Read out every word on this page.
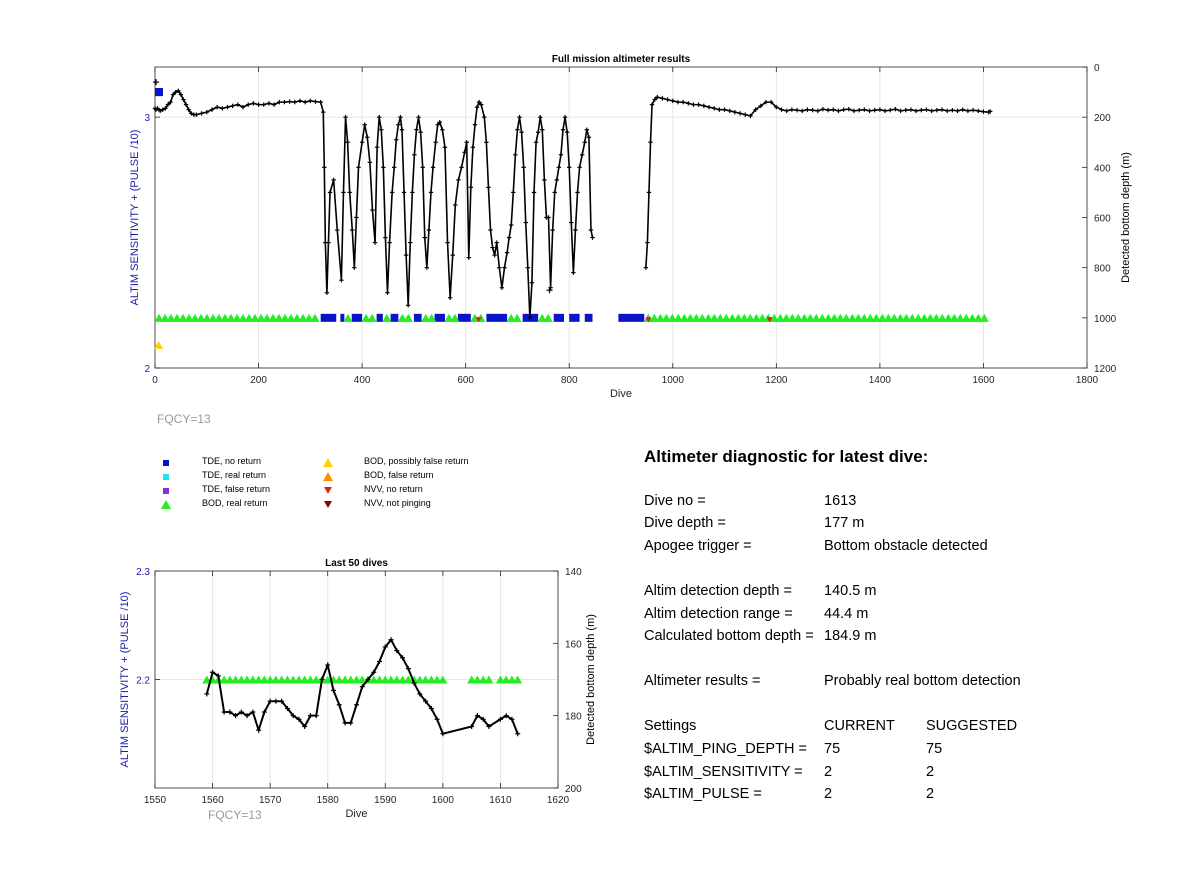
0	200	400	600	800	1000	1200	1400	1600	1800
2
3
0
200
400
600
800
1000
1200
Full mission altimeter results
Dive
ALTIM SENSITIVITY + (PULSE /10)	Detected bottom depth (m)
1550	1560	1570	1580	1590	1600	1610	1620
2.2
2.3	140
160
180
200
Last 50 dives
Dive
ALTIM SENSITIVITY + (PULSE /10)	Detected bottom depth (m)
FQCY=13
FQCY=13
TDE, no return
TDE, real return
TDE, false return
BOD, real return
BOD, possibly false return
BOD, false return
NVV, no return
NVV, not pinging
Altimeter diagnostic for latest dive:
Dive no =	1613
Dive depth =	177 m
Apogee trigger =	Bottom obstacle detected
Altim detection depth = 140.5 m
Altim detection range = 44.4 m
Calculated bottom depth = 184.9 m
Altimeter results =	Probably real bottom detection
Settings	CURRENT SUGGESTED
$ALTIM_PING_DEPTH = 75	75
$ALTIM_SENSITIVITY = 2	2
$ALTIM_PULSE =	2	2
